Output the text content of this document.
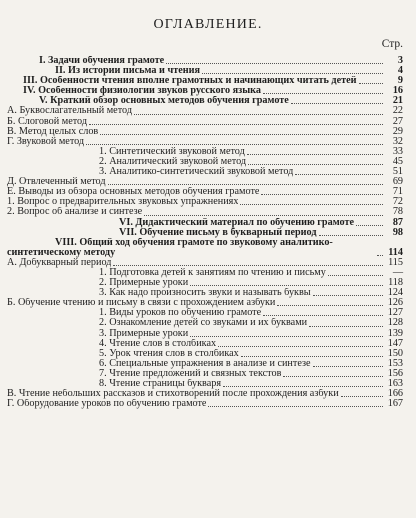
ОГЛАВЛЕНИЕ.
Стр.
I. Задачи обучения грамоте	3
II. Из истории письма и чтения	4
III. Особенности чтения вполне грамотных и начинающих читать детей	9
IV. Особенности физиологии звуков русского языка	16
V. Краткий обзор основных методов обучения грамоте	21
А. Буквослагательный метод	22
Б. Слоговой метод	27
В. Метод целых слов	29
Г. Звуковой метод	32
1. Синтетический звуковой метод	33
2. Аналитический звуковой метод	45
3. Аналитико-синтетический звуковой метод	51
Д. Отвлеченный метод	69
Е. Выводы из обзора основных методов обучения грамоте	71
1. Вопрос о предварительных звуковых упражнениях	72
2. Вопрос об анализе и синтезе	78
VI. Дидактический материал по обучению грамоте	87
VII. Обучение письму в букварный период	98
VIII. Общий ход обучения грамоте по звуковому аналитико-синтетическому методу	114
А. Добукварный период	115
1. Подготовка детей к занятиям по чтению и письму	—
2. Примерные уроки	118
3. Как надо произносить звуки и называть буквы	124
Б. Обучение чтению и письму в связи с прохождением азбуки	126
1. Виды уроков по обучению грамоте	127
2. Ознакомление детей со звуками и их буквами	128
3. Примерные уроки	139
4. Чтение слов в столбиках	147
5. Урок чтения слов в столбиках	150
6. Специальные упражнения в анализе и синтезе	153
7. Чтение предложений и связных текстов	156
8. Чтение страницы букваря	163
В. Чтение небольших рассказов и стихотворений после прохождения азбуки	166
Г. Оборудование уроков по обучению грамоте	167
